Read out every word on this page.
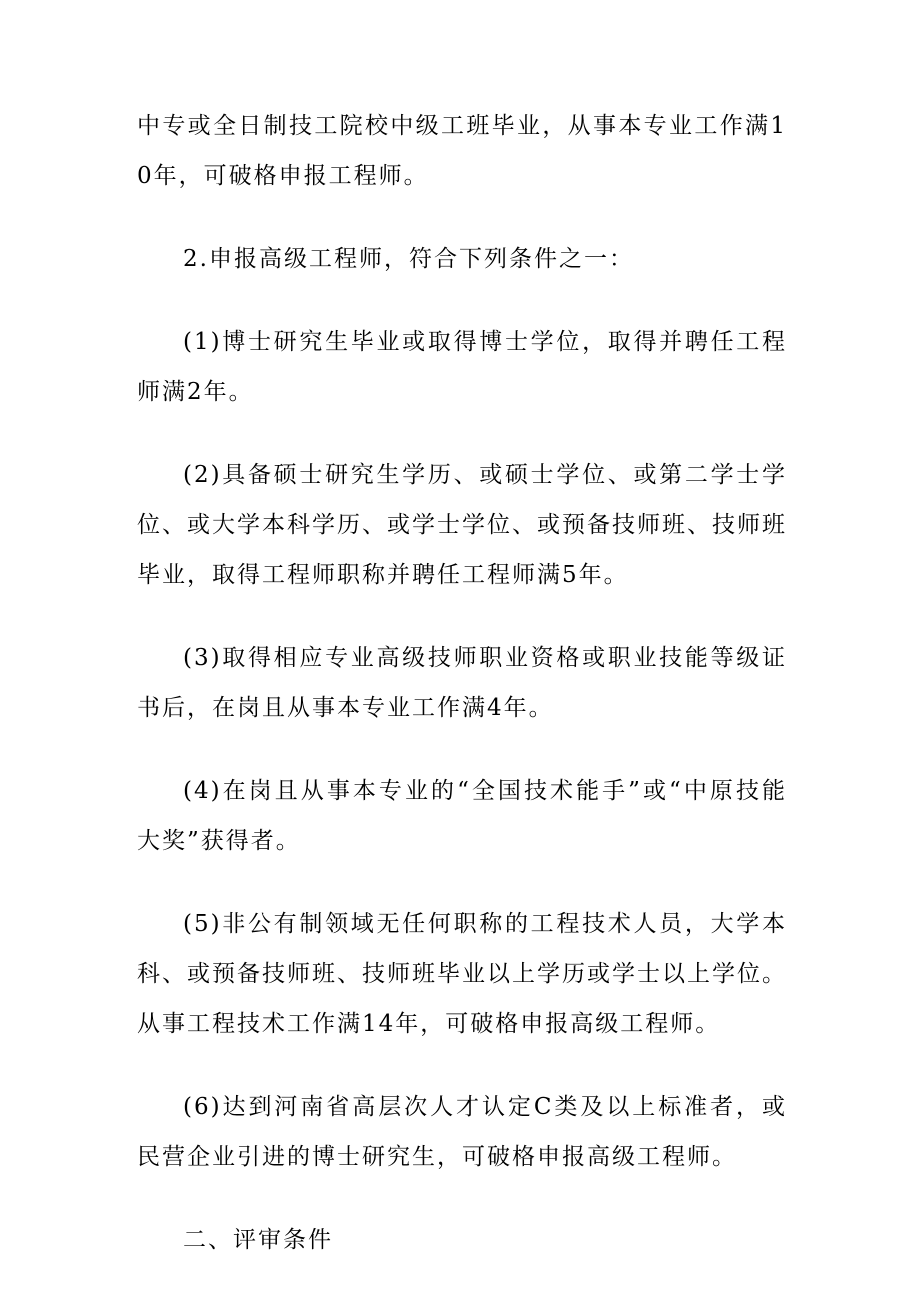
中专或全日制技工院校中级工班毕业，从事本专业工作满10年，可破格申报工程师。

2.申报高级工程师，符合下列条件之一：

(1)博士研究生毕业或取得博士学位，取得并聘任工程师满2年。

(2)具备硕士研究生学历、或硕士学位、或第二学士学位、或大学本科学历、或学士学位、或预备技师班、技师班毕业，取得工程师职称并聘任工程师满5年。

(3)取得相应专业高级技师职业资格或职业技能等级证书后，在岗且从事本专业工作满4年。

(4)在岗且从事本专业的“全国技术能手”或“中原技能大奖”获得者。

(5)非公有制领域无任何职称的工程技术人员，大学本科、或预备技师班、技师班毕业以上学历或学士以上学位。从事工程技术工作满14年，可破格申报高级工程师。

(6)达到河南省高层次人才认定C类及以上标准者，或民营企业引进的博士研究生，可破格申报高级工程师。

二、评审条件
